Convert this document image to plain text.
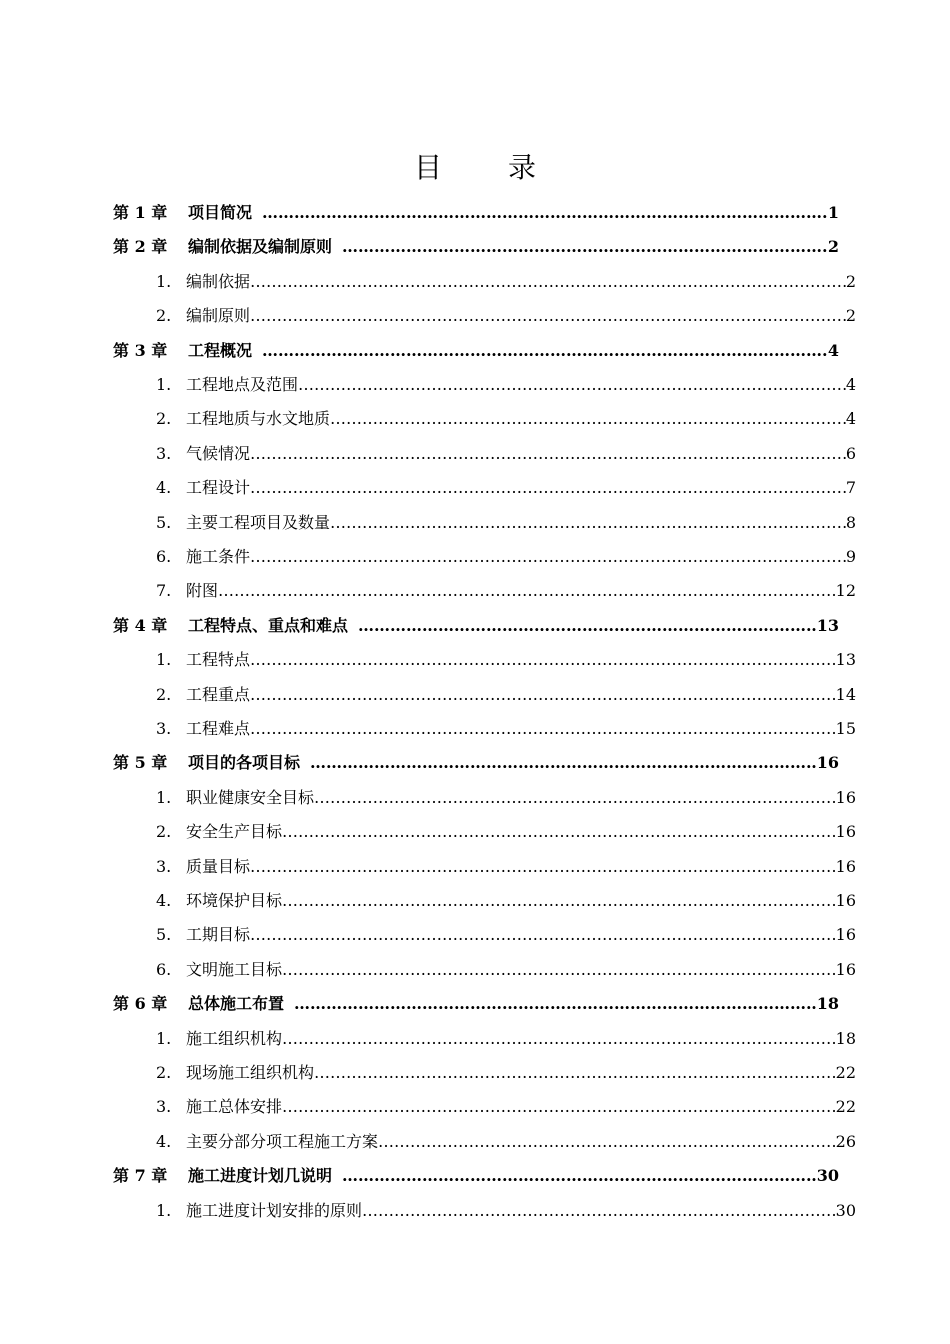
目 录
第 1 章	项目简况 ……………………………………………………………………………………………………………………………………………………………………………………………………………………………………	1
第 2 章	编制依据及编制原则 ……………………………………………………………………………………………………………………………………………………………………………………………………………………………………	2
1. 编制依据 ……………………………………………………………………………………………………………………………………………………………………………………………………………………………………	2
2. 编制原则 ……………………………………………………………………………………………………………………………………………………………………………………………………………………………………	2
第 3 章	工程概况 ……………………………………………………………………………………………………………………………………………………………………………………………………………………………………	4
1. 工程地点及范围 ……………………………………………………………………………………………………………………………………………………………………………………………………………………………………	4
2. 工程地质与水文地质 ……………………………………………………………………………………………………………………………………………………………………………………………………………………………………	4
3. 气候情况 ……………………………………………………………………………………………………………………………………………………………………………………………………………………………………	6
4. 工程设计 ……………………………………………………………………………………………………………………………………………………………………………………………………………………………………	7
5. 主要工程项目及数量 ……………………………………………………………………………………………………………………………………………………………………………………………………………………………………	8
6. 施工条件 ……………………………………………………………………………………………………………………………………………………………………………………………………………………………………	9
7. 附图 ……………………………………………………………………………………………………………………………………………………………………………………………………………………………………	12
第 4 章	工程特点、重点和难点 ……………………………………………………………………………………………………………………………………………………………………………………………………………………………………	13
1. 工程特点 ……………………………………………………………………………………………………………………………………………………………………………………………………………………………………	13
2. 工程重点 ……………………………………………………………………………………………………………………………………………………………………………………………………………………………………	14
3. 工程难点 ……………………………………………………………………………………………………………………………………………………………………………………………………………………………………	15
第 5 章	项目的各项目标 ……………………………………………………………………………………………………………………………………………………………………………………………………………………………………	16
1. 职业健康安全目标 ……………………………………………………………………………………………………………………………………………………………………………………………………………………………………	16
2. 安全生产目标 ……………………………………………………………………………………………………………………………………………………………………………………………………………………………………	16
3. 质量目标 ……………………………………………………………………………………………………………………………………………………………………………………………………………………………………	16
4. 环境保护目标 ……………………………………………………………………………………………………………………………………………………………………………………………………………………………………	16
5. 工期目标 ……………………………………………………………………………………………………………………………………………………………………………………………………………………………………	16
6. 文明施工目标 ……………………………………………………………………………………………………………………………………………………………………………………………………………………………………	16
第 6 章	总体施工布置 ……………………………………………………………………………………………………………………………………………………………………………………………………………………………………	18
1. 施工组织机构 ……………………………………………………………………………………………………………………………………………………………………………………………………………………………………	18
2. 现场施工组织机构 ……………………………………………………………………………………………………………………………………………………………………………………………………………………………………	22
3. 施工总体安排 ……………………………………………………………………………………………………………………………………………………………………………………………………………………………………	22
4. 主要分部分项工程施工方案 ……………………………………………………………………………………………………………………………………………………………………………………………………………………………………	26
第 7 章	施工进度计划几说明 ……………………………………………………………………………………………………………………………………………………………………………………………………………………………………	30
1. 施工进度计划安排的原则 ……………………………………………………………………………………………………………………………………………………………………………………………………………………………………	30
